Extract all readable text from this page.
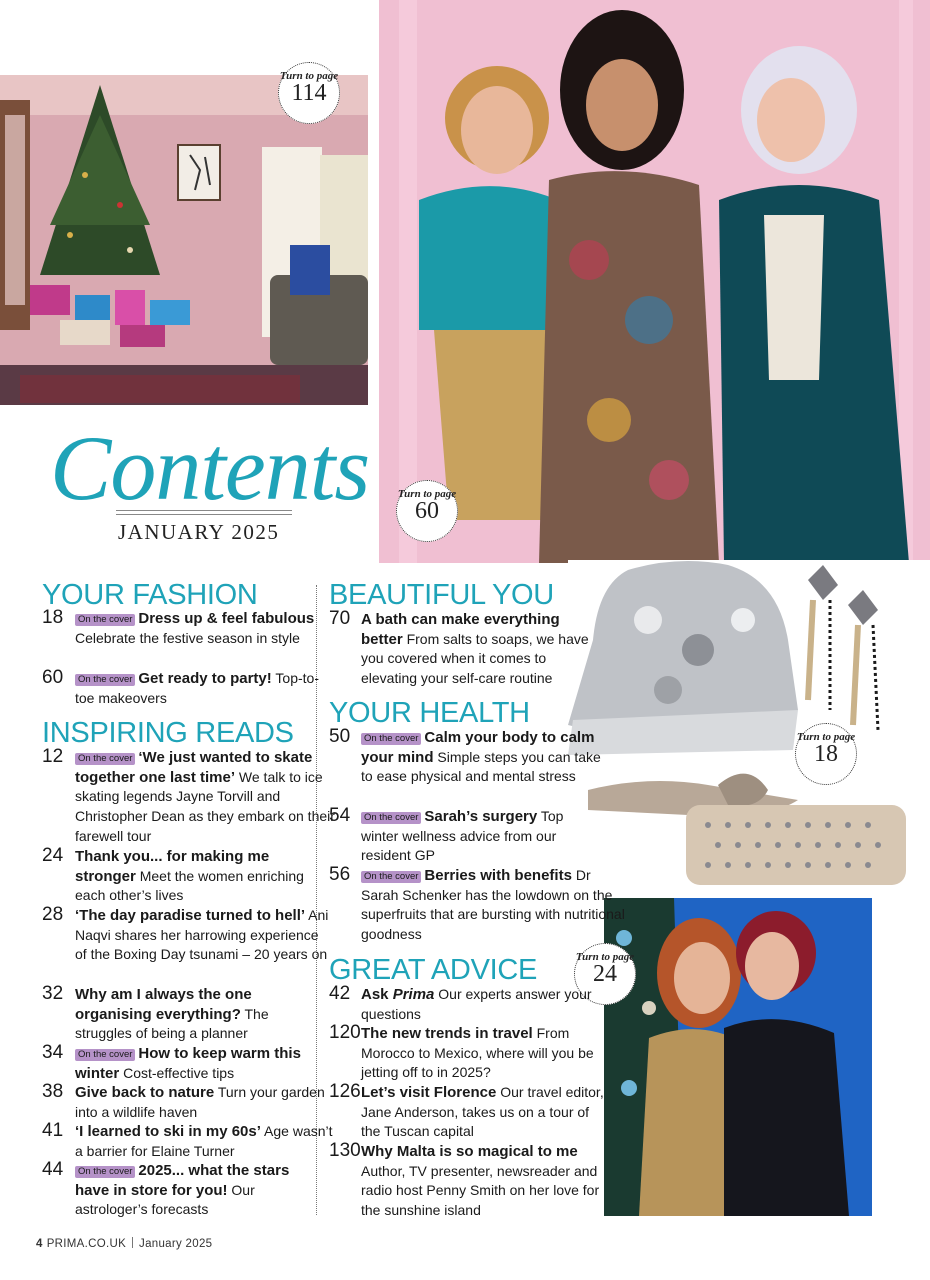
Turn to page
114
Turn to page
60
Turn to page
18
Turn to page
24
Contents
JANUARY 2025
YOUR FASHION
18	On the cover Dress up & feel fabulous Celebrate the festive season in style
60	On the cover Get ready to party! Top-to-toe makeovers
INSPIRING READS
12	On the cover ‘We just wanted to skate together one last time’ We talk to ice skating legends Jayne Torvill and Christopher Dean as they embark on their farewell tour
24 Thank you... for making me stronger Meet the women enriching each other’s lives
28 ‘The day paradise turned to hell’ Ani Naqvi shares her harrowing experience of the Boxing Day tsunami – 20 years on
32 Why am I always the one organising everything? The struggles of being a planner
34	On the cover How to keep warm this winter Cost-effective tips
38 Give back to nature Turn your garden into a wildlife haven
41 ‘I learned to ski in my 60s’ Age wasn’t a barrier for Elaine Turner
44	On the cover 2025... what the stars have in store for you! Our astrologer’s forecasts
BEAUTIFUL YOU
70 A bath can make everything better From salts to soaps, we have you covered when it comes to elevating your self-care routine
YOUR HEALTH
50	On the cover Calm your body to calm your mind Simple steps you can take to ease physical and mental stress
54	On the cover Sarah’s surgery Top winter wellness advice from our resident GP
56	On the cover Berries with benefits Dr Sarah Schenker has the lowdown on the superfruits that are bursting with nutritional goodness
GREAT ADVICE
42 Ask Prima Our experts answer your questions
120 The new trends in travel From Morocco to Mexico, where will you be jetting off to in 2025?
126 Let’s visit Florence Our travel editor, Jane Anderson, takes us on a tour of the Tuscan capital
130 Why Malta is so magical to me Author, TV presenter, newsreader and radio host Penny Smith on her love for the sunshine island
4 PRIMA.CO.UK January 2025
